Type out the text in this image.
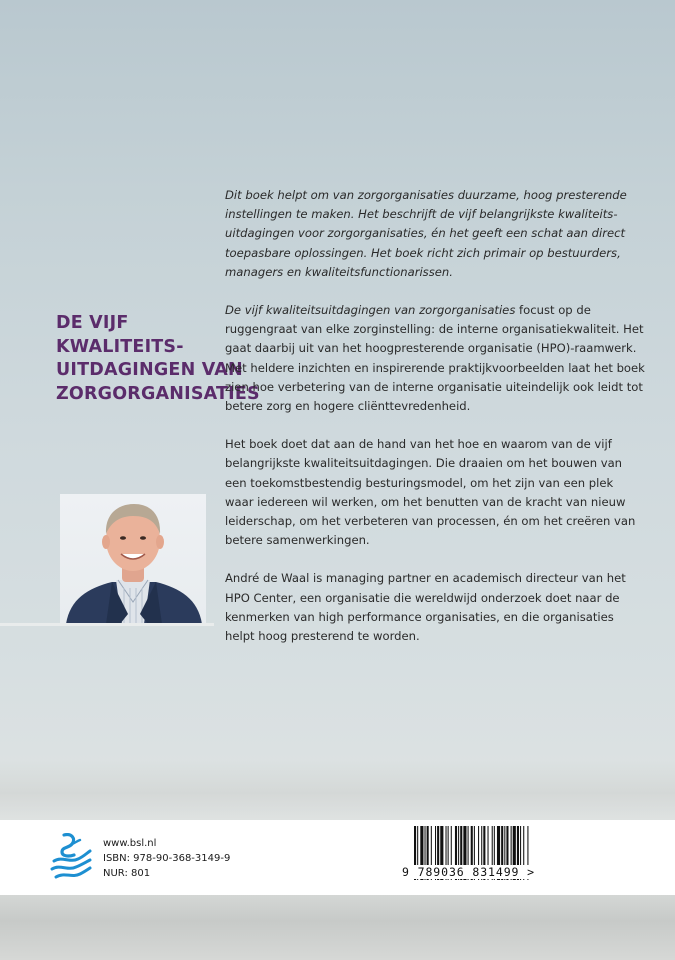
DE VIJF
KWALITEITS-
UITDAGINGEN VAN
ZORGORGANISATIES

Dit boek helpt om van zorgorganisaties duurzame, hoog presterende instellingen te maken. Het beschrijft de vijf belangrijkste kwaliteits-uitdagingen voor zorgorganisaties, én het geeft een schat aan direct toepasbare oplossingen. Het boek richt zich primair op bestuurders, managers en kwaliteitsfunctionarissen.

De vijf kwaliteitsuitdagingen van zorgorganisaties focust op de ruggengraat van elke zorginstelling: de interne organisatiekwaliteit. Het gaat daarbij uit van het hoogpresterende organisatie (HPO)-raamwerk. Met heldere inzichten en inspirerende praktijkvoorbeelden laat het boek zien hoe verbetering van de interne organisatie uiteindelijk ook leidt tot betere zorg en hogere cliënttevredenheid.

Het boek doet dat aan de hand van het hoe en waarom van de vijf belangrijkste kwaliteitsuitdagingen. Die draaien om het bouwen van een toekomstbestendig besturingsmodel, om het zijn van een plek waar iedereen wil werken, om het benutten van de kracht van nieuw leiderschap, om het verbeteren van processen, én om het creëren van betere samenwerkingen.

André de Waal is managing partner en academisch directeur van het HPO Center, een organisatie die wereldwijd onderzoek doet naar de kenmerken van high performance organisaties, en die organisaties helpt hoog presterend te worden.

www.bsl.nl
ISBN: 978-90-368-3149-9
NUR: 801	9 789036 831499 >
